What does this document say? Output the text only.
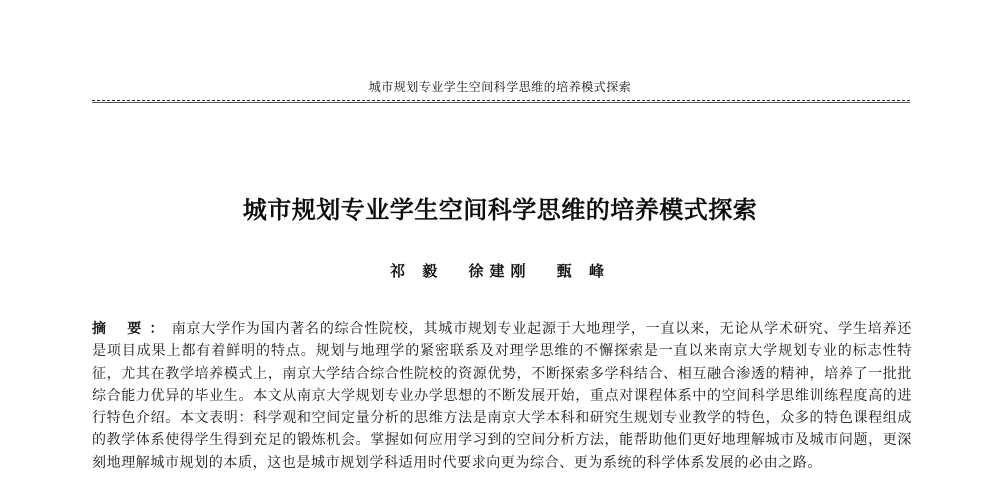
城市规划专业学生空间科学思维的培养模式探索
城市规划专业学生空间科学思维的培养模式探索
祁 毅 徐建刚 甄 峰
摘 要：南京大学作为国内著名的综合性院校，其城市规划专业起源于大地理学，一直以来，无论从学术研究、学生培养还是项目成果上都有着鲜明的特点。规划与地理学的紧密联系及对理学思维的不懈探索是一直以来南京大学规划专业的标志性特征，尤其在教学培养模式上，南京大学结合综合性院校的资源优势，不断探索多学科结合、相互融合渗透的精神，培养了一批批综合能力优异的毕业生。本文从南京大学规划专业办学思想的不断发展开始，重点对课程体系中的空间科学思维训练程度高的进行特色介绍。本文表明：科学观和空间定量分析的思维方法是南京大学本科和研究生规划专业教学的特色，众多的特色课程组成的教学体系使得学生得到充足的锻炼机会。掌握如何应用学习到的空间分析方法，能帮助他们更好地理解城市及城市问题，更深刻地理解城市规划的本质，这也是城市规划学科适用时代要求向更为综合、更为系统的科学体系发展的必由之路。
